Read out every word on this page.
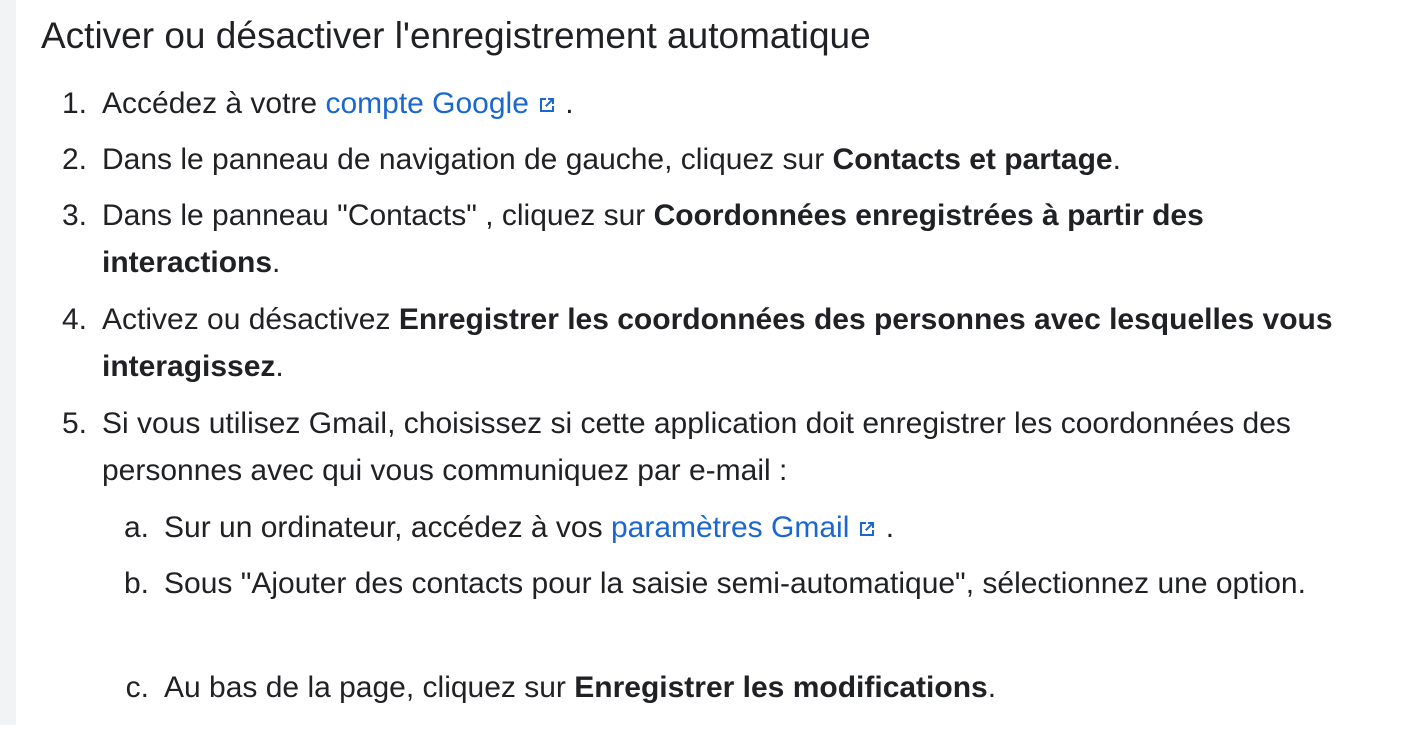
Activer ou désactiver l'enregistrement automatique
1. Accédez à votre compte Google .
2. Dans le panneau de navigation de gauche, cliquez sur Contacts et partage.
3. Dans le panneau "Contacts" , cliquez sur Coordonnées enregistrées à partir des interactions.
4. Activez ou désactivez Enregistrer les coordonnées des personnes avec lesquelles vous interagissez.
5. Si vous utilisez Gmail, choisissez si cette application doit enregistrer les coordonnées des personnes avec qui vous communiquez par e-mail :
a. Sur un ordinateur, accédez à vos paramètres Gmail .
b. Sous "Ajouter des contacts pour la saisie semi-automatique", sélectionnez une option.
c. Au bas de la page, cliquez sur Enregistrer les modifications.
